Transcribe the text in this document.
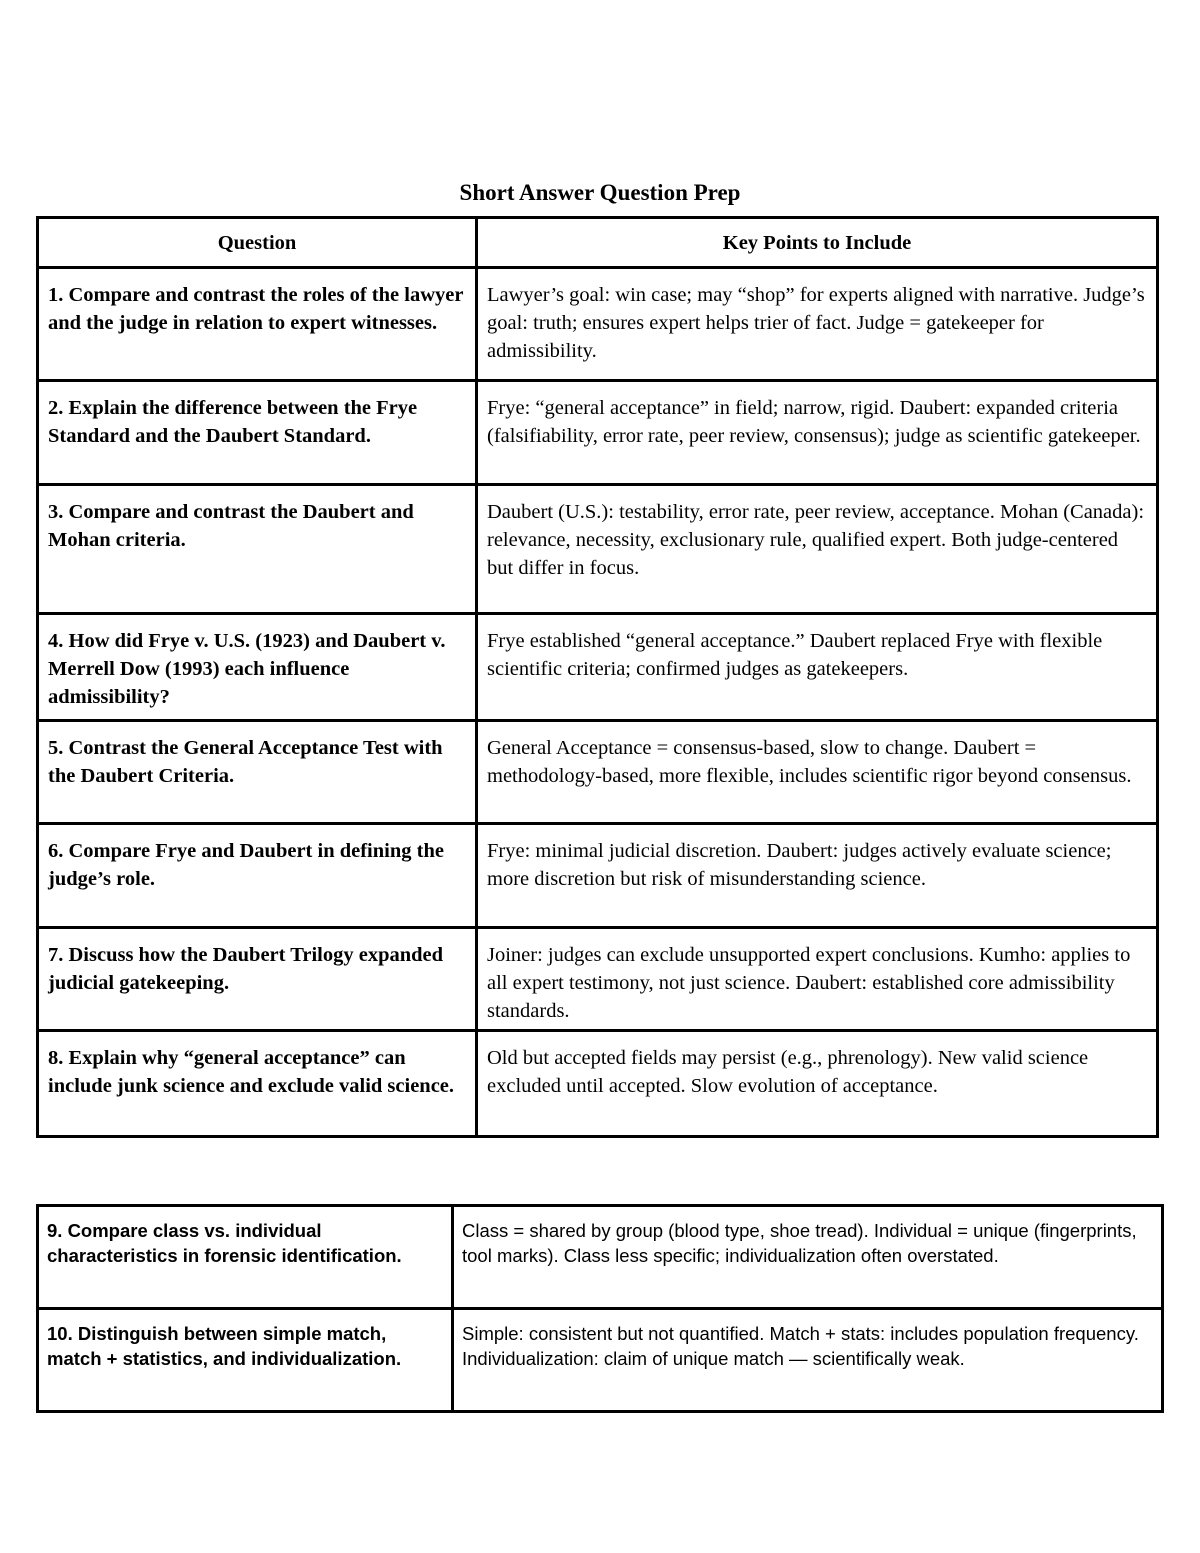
Short Answer Question Prep
Question	Key Points to Include
1. Compare and contrast the roles of the lawyer and the judge in relation to expert witnesses.	Lawyer’s goal: win case; may “shop” for experts aligned with narrative. Judge’s goal: truth; ensures expert helps trier of fact. Judge = gatekeeper for admissibility.
2. Explain the difference between the Frye Standard and the Daubert Standard.	Frye: “general acceptance” in field; narrow, rigid. Daubert: expanded criteria (falsifiability, error rate, peer review, consensus); judge as scientific gatekeeper.
3. Compare and contrast the Daubert and Mohan criteria.	Daubert (U.S.): testability, error rate, peer review, acceptance. Mohan (Canada): relevance, necessity, exclusionary rule, qualified expert. Both judge-centered but differ in focus.
4. How did Frye v. U.S. (1923) and Daubert v. Merrell Dow (1993) each influence admissibility?	Frye established “general acceptance.” Daubert replaced Frye with flexible scientific criteria; confirmed judges as gatekeepers.
5. Contrast the General Acceptance Test with the Daubert Criteria.	General Acceptance = consensus-based, slow to change. Daubert = methodology-based, more flexible, includes scientific rigor beyond consensus.
6. Compare Frye and Daubert in defining the judge’s role.	Frye: minimal judicial discretion. Daubert: judges actively evaluate science; more discretion but risk of misunderstanding science.
7. Discuss how the Daubert Trilogy expanded judicial gatekeeping.	Joiner: judges can exclude unsupported expert conclusions. Kumho: applies to all expert testimony, not just science. Daubert: established core admissibility standards.
8. Explain why “general acceptance” can include junk science and exclude valid science.	Old but accepted fields may persist (e.g., phrenology). New valid science excluded until accepted. Slow evolution of acceptance.
9. Compare class vs. individual characteristics in forensic identification.	Class = shared by group (blood type, shoe tread). Individual = unique (fingerprints, tool marks). Class less specific; individualization often overstated.
10. Distinguish between simple match, match + statistics, and individualization.	Simple: consistent but not quantified. Match + stats: includes population frequency. Individualization: claim of unique match — scientifically weak.
